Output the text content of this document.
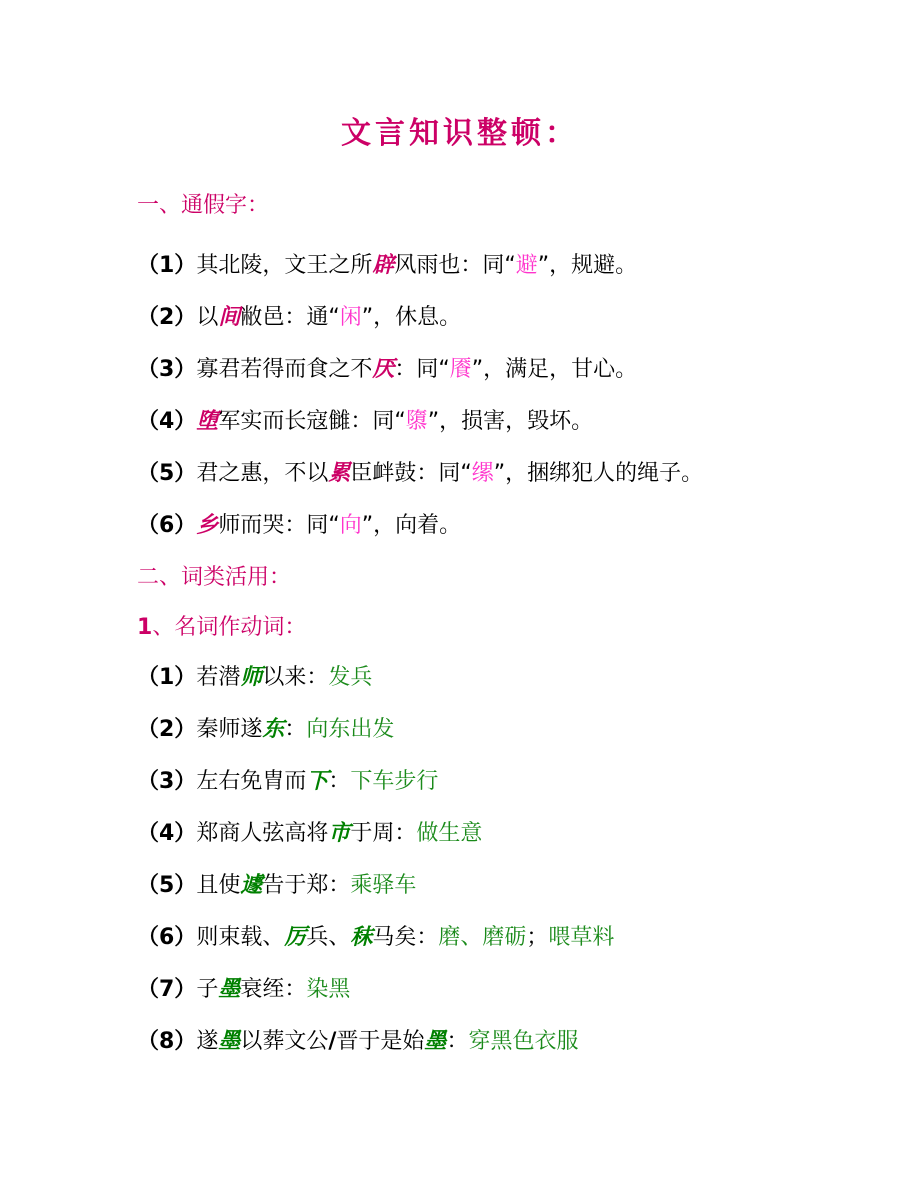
文言知识整顿：
一、通假字：
（1）其北陵，文王之所辟风雨也：同“避”，规避。
（2）以间敝邑：通“闲”，休息。
（3）寡君若得而食之不厌：同“餍”，满足，甘心。
（4）堕军实而长寇雠：同“隳”，损害，毁坏。
（5）君之惠，不以累臣衅鼓：同“缧”，捆绑犯人的绳子。
（6）乡师而哭：同“向”，向着。
二、词类活用：
1、名词作动词：
（1）若潜师以来：发兵
（2）秦师遂东：向东出发
（3）左右免胄而下：下车步行
（4）郑商人弦高将市于周：做生意
（5）且使遽告于郑：乘驿车
（6）则束载、厉兵、秣马矣：磨、磨砺；喂草料
（7）子墨衰绖：染黑
（8）遂墨以葬文公/晋于是始墨：穿黑色衣服
